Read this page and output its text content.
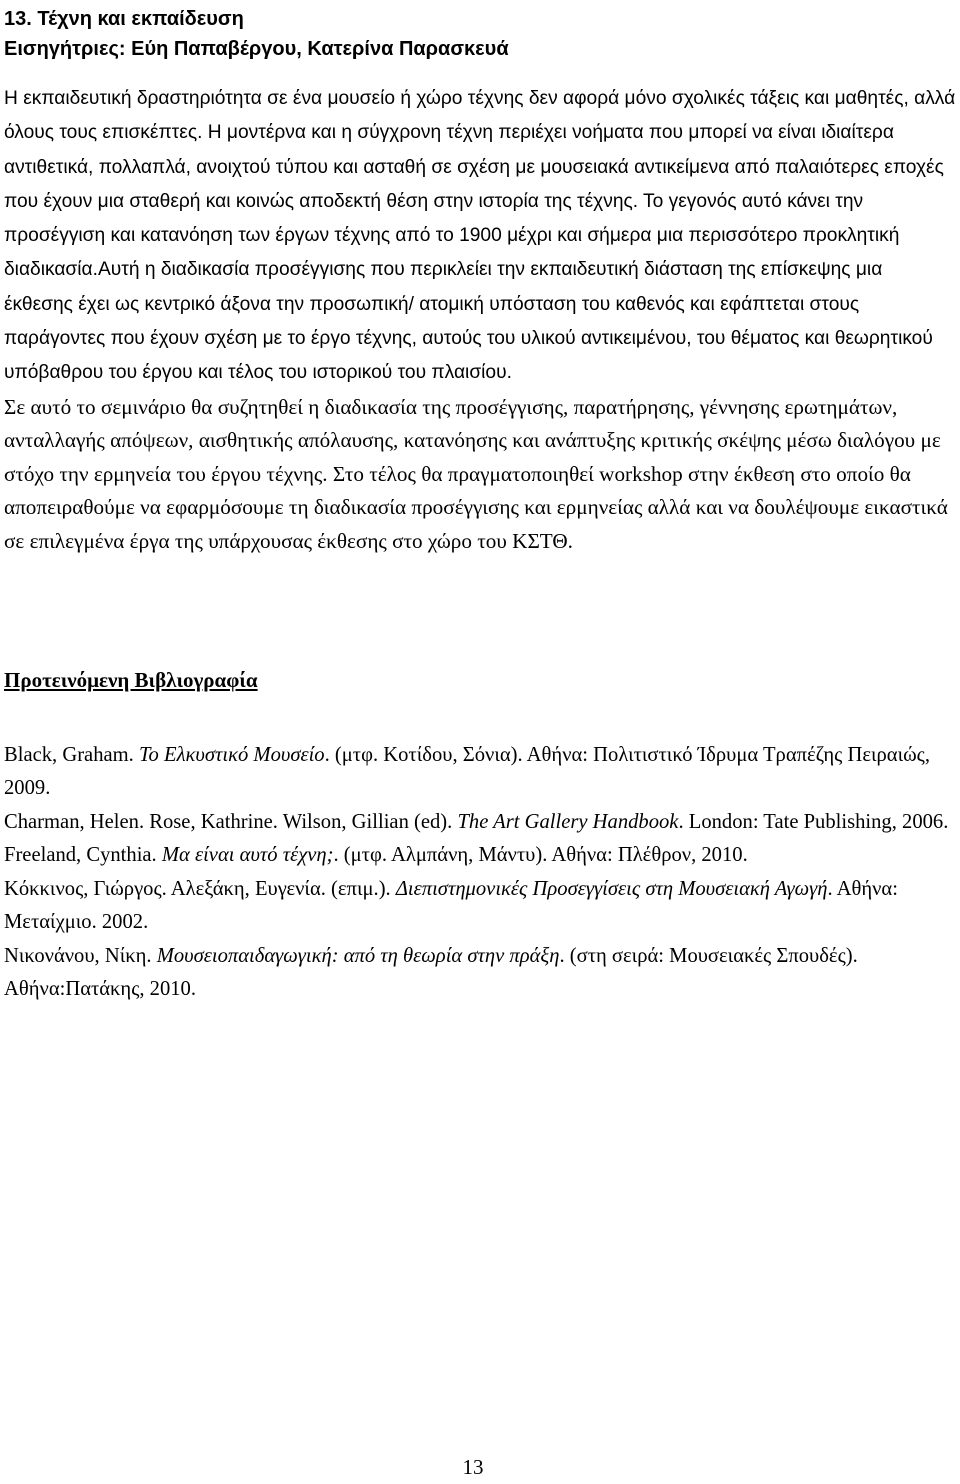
13. Τέχνη και εκπαίδευση
Εισηγήτριες: Εύη Παπαβέργου, Κατερίνα Παρασκευά

Η εκπαιδευτική δραστηριότητα σε ένα μουσείο ή χώρο τέχνης δεν αφορά μόνο σχολικές τάξεις και μαθητές, αλλά όλους τους επισκέπτες. Η μοντέρνα και η σύγχρονη τέχνη περιέχει νοήματα που μπορεί να είναι ιδιαίτερα αντιθετικά, πολλαπλά, ανοιχτού τύπου και ασταθή σε σχέση με μουσειακά αντικείμενα από παλαιότερες εποχές που έχουν μια σταθερή και κοινώς αποδεκτή θέση στην ιστορία της τέχνης. Το γεγονός αυτό κάνει την προσέγγιση και κατανόηση των έργων τέχνης από το 1900 μέχρι και σήμερα μια περισσότερο προκλητική διαδικασία.Αυτή η διαδικασία προσέγγισης που περικλείει την εκπαιδευτική διάσταση της επίσκεψης μια έκθεσης έχει ως κεντρικό άξονα την προσωπική/ ατομική υπόσταση του καθενός και εφάπτεται στους παράγοντες που έχουν σχέση με το έργο τέχνης, αυτούς του υλικού αντικειμένου, του θέματος και θεωρητικού υπόβαθρου του έργου και τέλος του ιστορικού του πλαισίου.

Σε αυτό το σεμινάριο θα συζητηθεί η διαδικασία της προσέγγισης, παρατήρησης, γέννησης ερωτημάτων, ανταλλαγής απόψεων, αισθητικής απόλαυσης, κατανόησης και ανάπτυξης κριτικής σκέψης μέσω διαλόγου με στόχο την ερμηνεία του έργου τέχνης. Στο τέλος θα πραγματοποιηθεί workshop στην έκθεση στο οποίο θα αποπειραθούμε να εφαρμόσουμε τη διαδικασία προσέγγισης και ερμηνείας αλλά και να δουλέψουμε εικαστικά σε επιλεγμένα έργα της υπάρχουσας έκθεσης στο χώρο του ΚΣΤΘ.

Προτεινόμενη Βιβλιογραφία

Black, Graham. Το Ελκυστικό Μουσείο. (μτφ. Κοτίδου, Σόνια). Αθήνα: Πολιτιστικό Ίδρυμα Τραπέζης Πειραιώς, 2009.

Charman, Helen. Rose, Kathrine. Wilson, Gillian (ed). The Art Gallery Handbook. London: Tate Publishing, 2006.

Freeland, Cynthia. Μα είναι αυτό τέχνη;. (μτφ. Αλμπάνη, Μάντυ). Αθήνα: Πλέθρον, 2010.

Κόκκινος, Γιώργος. Αλεξάκη, Ευγενία. (επιμ.). Διεπιστημονικές Προσεγγίσεις στη Μουσειακή Αγωγή. Αθήνα: Μεταίχμιο. 2002.

Νικονάνου, Νίκη. Μουσειοπαιδαγωγική: από τη θεωρία στην πράξη. (στη σειρά: Μουσειακές Σπουδές). Αθήνα:Πατάκης, 2010.

13
